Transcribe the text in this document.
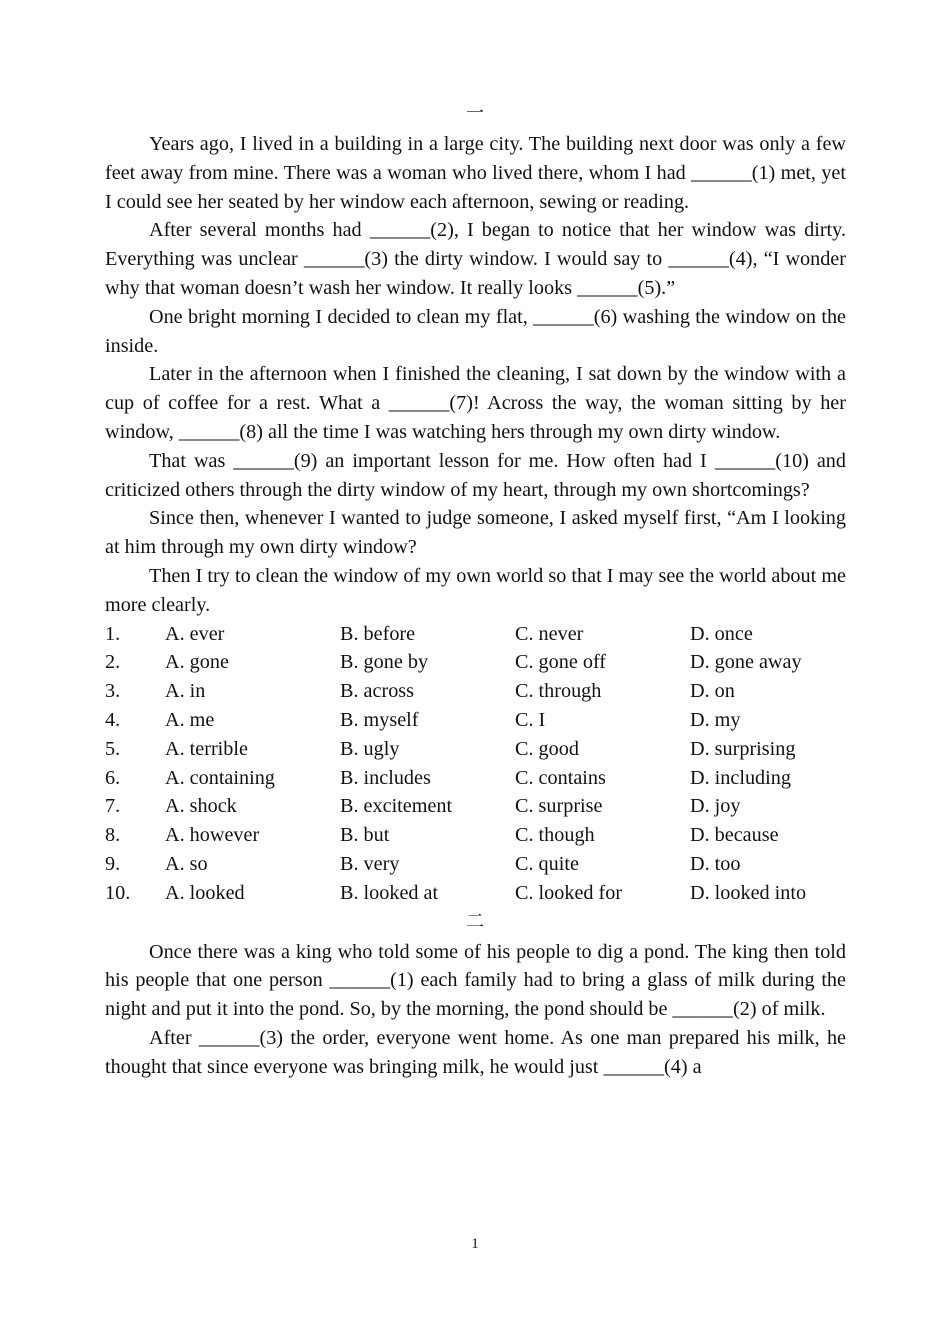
一

Years ago, I lived in a building in a large city. The building next door was only a few feet away from mine. There was a woman who lived there, whom I had ______(1) met, yet I could see her seated by her window each afternoon, sewing or reading.

After several months had ______(2), I began to notice that her window was dirty. Everything was unclear ______(3) the dirty window. I would say to ______(4), “I wonder why that woman doesn’t wash her window. It really looks ______(5).”

One bright morning I decided to clean my flat, ______(6) washing the window on the inside.

Later in the afternoon when I finished the cleaning, I sat down by the window with a cup of coffee for a rest. What a ______(7)! Across the way, the woman sitting by her window, ______(8) all the time I was watching hers through my own dirty window.

That was ______(9) an important lesson for me. How often had I ______(10) and criticized others through the dirty window of my heart, through my own shortcomings?

Since then, whenever I wanted to judge someone, I asked myself first, “Am I looking at him through my own dirty window?

Then I try to clean the window of my own world so that I may see the world about me more clearly.

1.	A. ever	B. before	C. never	D. once
2.	A. gone	B. gone by	C. gone off	D. gone away
3.	A. in	B. across	C. through	D. on
4.	A. me	B. myself	C. I	D. my
5.	A. terrible	B. ugly	C. good	D. surprising
6.	A. containing	B. includes	C. contains	D. including
7.	A. shock	B. excitement	C. surprise	D. joy
8.	A. however	B. but	C. though	D. because
9.	A. so	B. very	C. quite	D. too
10.	A. looked	B. looked at	C. looked for	D. looked into
二

Once there was a king who told some of his people to dig a pond. The king then told his people that one person ______(1) each family had to bring a glass of milk during the night and put it into the pond. So, by the morning, the pond should be ______(2) of milk.

After ______(3) the order, everyone went home. As one man prepared his milk, he thought that since everyone was bringing milk, he would just ______(4) a

1
